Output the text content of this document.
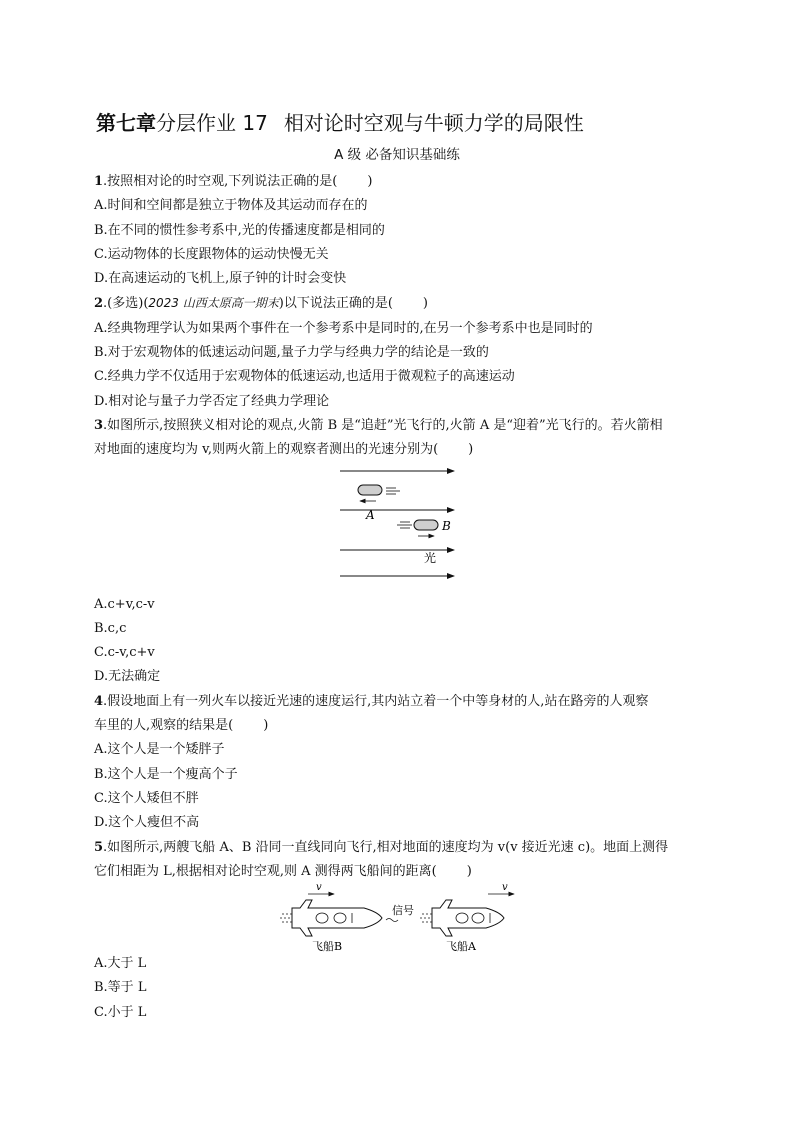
第七章分层作业 17 相对论时空观与牛顿力学的局限性
A 级 必备知识基础练
1.按照相对论的时空观,下列说法正确的是( )
A.时间和空间都是独立于物体及其运动而存在的
B.在不同的惯性参考系中,光的传播速度都是相同的
C.运动物体的长度跟物体的运动快慢无关
D.在高速运动的飞机上,原子钟的计时会变快
2.(多选)(2023 山西太原高一期末)以下说法正确的是( )
A.经典物理学认为如果两个事件在一个参考系中是同时的,在另一个参考系中也是同时的
B.对于宏观物体的低速运动问题,量子力学与经典力学的结论是一致的
C.经典力学不仅适用于宏观物体的低速运动,也适用于微观粒子的高速运动
D.相对论与量子力学否定了经典力学理论
3.如图所示,按照狭义相对论的观点,火箭 B 是“追赶”光飞行的,火箭 A 是“迎着”光飞行的。若火箭相
对地面的速度均为 v,则两火箭上的观察者测出的光速分别为( )
A
B
光
A.c+v,c-v
B.c,c
C.c-v,c+v
D.无法确定
4.假设地面上有一列火车以接近光速的速度运行,其内站立着一个中等身材的人,站在路旁的人观察
车里的人,观察的结果是( )
A.这个人是一个矮胖子
B.这个人是一个瘦高个子
C.这个人矮但不胖
D.这个人瘦但不高
5.如图所示,两艘飞船 A、B 沿同一直线同向飞行,相对地面的速度均为 v(v 接近光速 c)。地面上测得
它们相距为 L,根据相对论时空观,则 A 测得两飞船间的距离( )
v
信号
v
飞船B	飞船A
A.大于 L
B.等于 L
C.小于 L
